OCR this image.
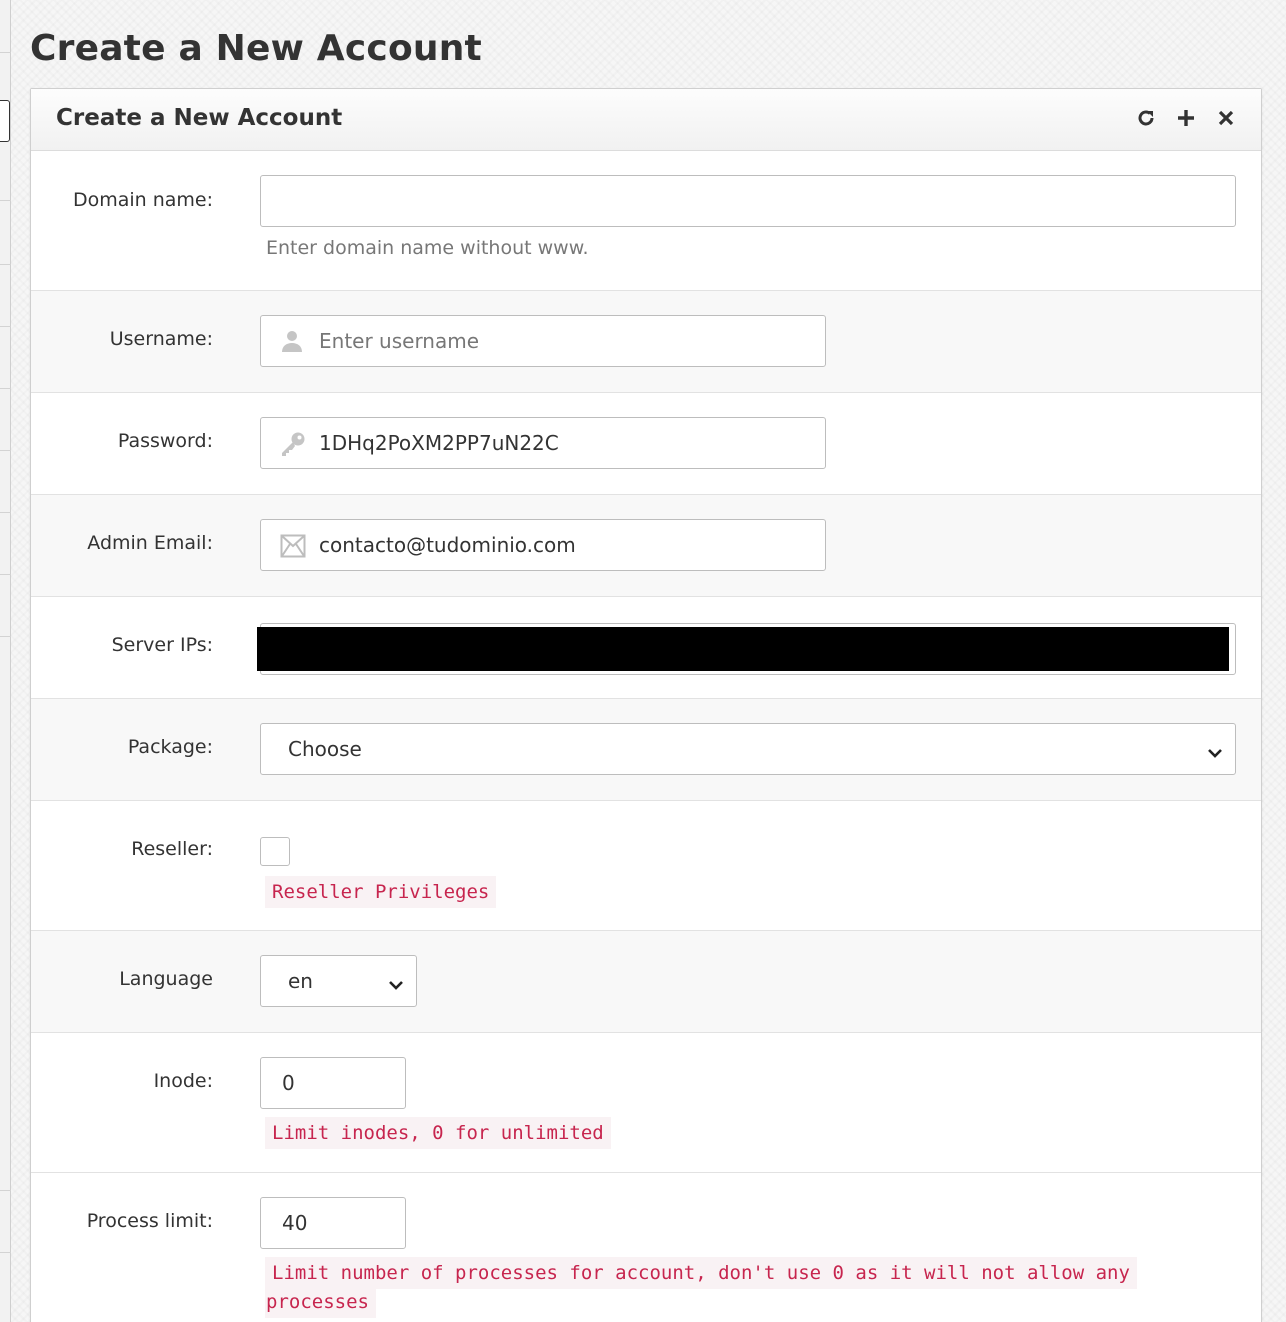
Create a New Account
Create a New Account
Domain name:
Enter domain name without www.
Username:	Enter username
Password:	1DHq2PoXM2PP7uN22C
Admin Email:	contacto@tudominio.com
Server IPs:
Package:	Choose
Reseller:
Reseller Privileges
Language	en
Inode:	0
Limit inodes, 0 for unlimited
Process limit:	40
Limit number of processes for account, don't use 0 as it will not allow any
processes
